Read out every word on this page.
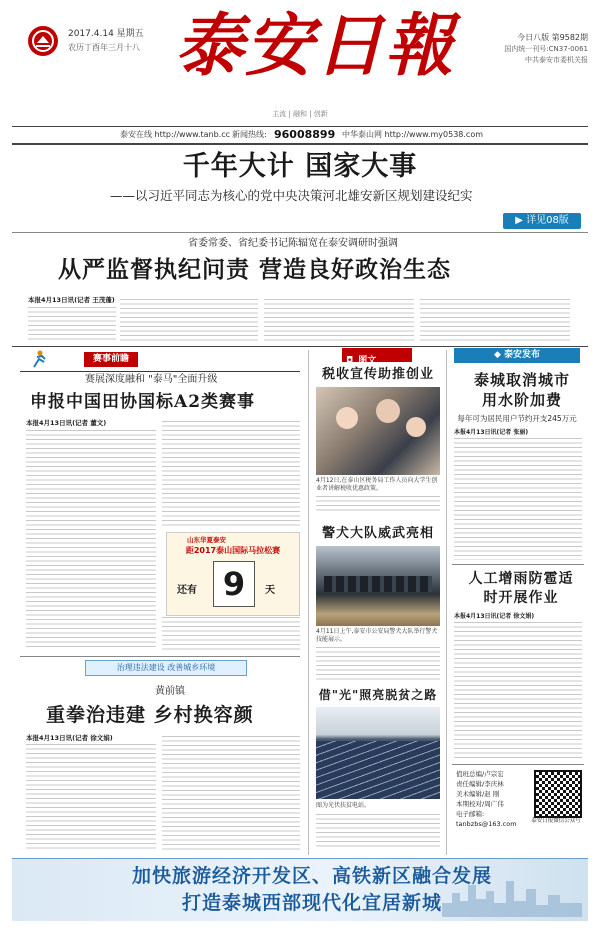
2017.4.14 星期五
农历丁酉年三月十八 泰安日報
主流 | 融和 | 创新
今日八版 第9582期
国内统一刊号:CN37-0061
中共泰安市委机关报
泰安在线 http://www.tanb.cc 新闻热线: 96008899 中华泰山网 http://www.my0538.com
千年大计 国家大事
——以习近平同志为核心的党中央决策河北雄安新区规划建设纪实
▶ 详见08版
省委常委、省纪委书记陈辐宽在泰安调研时强调
从严监督执纪问责 营造良好政治生态
本报4月13日讯(记者 王茂蓬)
赛事前瞻
赛展深度融和 "泰马"全面升级
申报中国田协国标A2类赛事
本报4月13日讯(记者 董文)
山东华夏泰安
距2017泰山国际马拉松赛
还有 9	天
治理违法建设 改善城乡环境
黄前镇
重拳治违建 乡村换容颜
本报4月13日讯(记者 徐文娟)
◘ 图文
税收宣传助推创业
4月12日,在泰山区税务局工作人员向大学生创业者讲解税收优惠政策。
警犬大队威武亮相
4月11日上午,泰安市公安局警犬大队举行警犬技能展示。
借"光"照亮脱贫之路
图为光伏扶贫电站。
◆ 泰安发布
泰城取消城市用水阶加费
每年可为居民用户节约开支245万元
本报4月13日讯(记者 张丽)
人工增雨防雹适时开展作业
本报4月13日讯(记者 徐文娟)
值班总编/卢宗宏
责任编辑/李庆林
美术编辑/赵 刚
本期校对/周广伟
电子邮箱:
tanbzbs@163.com	泰安日报微信公众号
加快旅游经济开发区、高铁新区融合发展
打造泰城西部现代化宜居新城
